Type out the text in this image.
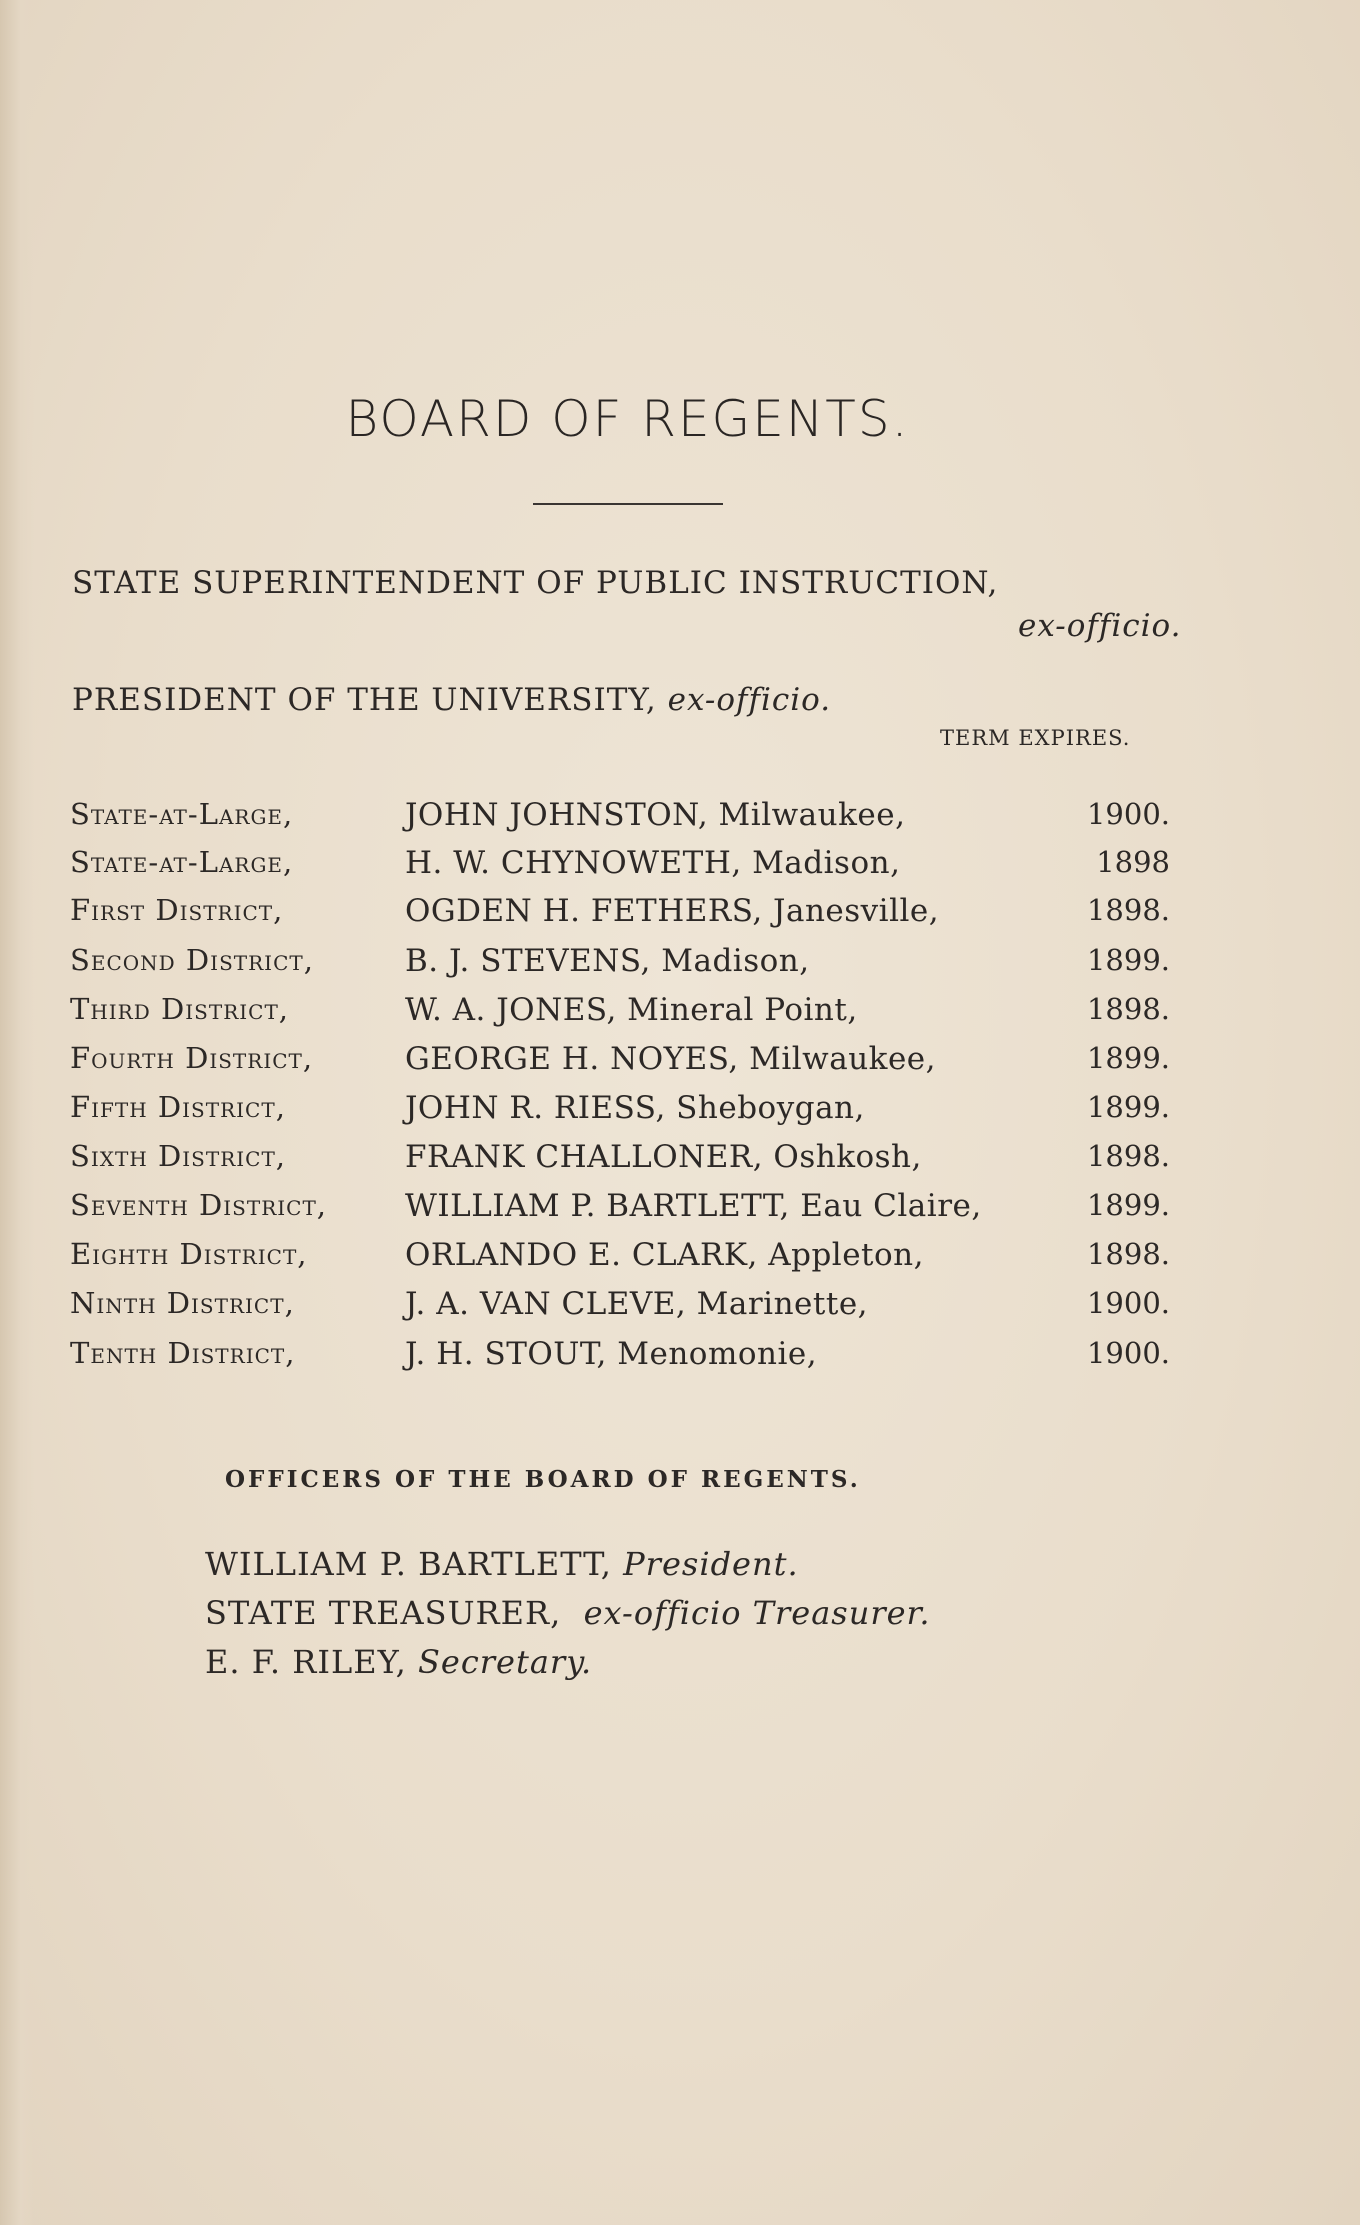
BOARD OF REGENTS.
STATE SUPERINTENDENT OF PUBLIC INSTRUCTION,
ex-officio.
PRESIDENT OF THE UNIVERSITY, ex-officio.
TERM EXPIRES.
State-at-Large,	JOHN JOHNSTON, Milwaukee,	1900.
State-at-Large,	H. W. CHYNOWETH, Madison,	1898
First District,	OGDEN H. FETHERS, Janesville,	1898.
Second District,	B. J. STEVENS, Madison,	1899.
Third District,	W. A. JONES, Mineral Point,	1898.
Fourth District,	GEORGE H. NOYES, Milwaukee,	1899.
Fifth District,	JOHN R. RIESS, Sheboygan,	1899.
Sixth District,	FRANK CHALLONER, Oshkosh,	1898.
Seventh District,	WILLIAM P. BARTLETT, Eau Claire,	1899.
Eighth District,	ORLANDO E. CLARK, Appleton,	1898.
Ninth District,	J. A. VAN CLEVE, Marinette,	1900.
Tenth District,	J. H. STOUT, Menomonie,	1900.
OFFICERS OF THE BOARD OF REGENTS.
WILLIAM P. BARTLETT, President.
STATE TREASURER, ex-officio Treasurer.
E. F. RILEY, Secretary.
